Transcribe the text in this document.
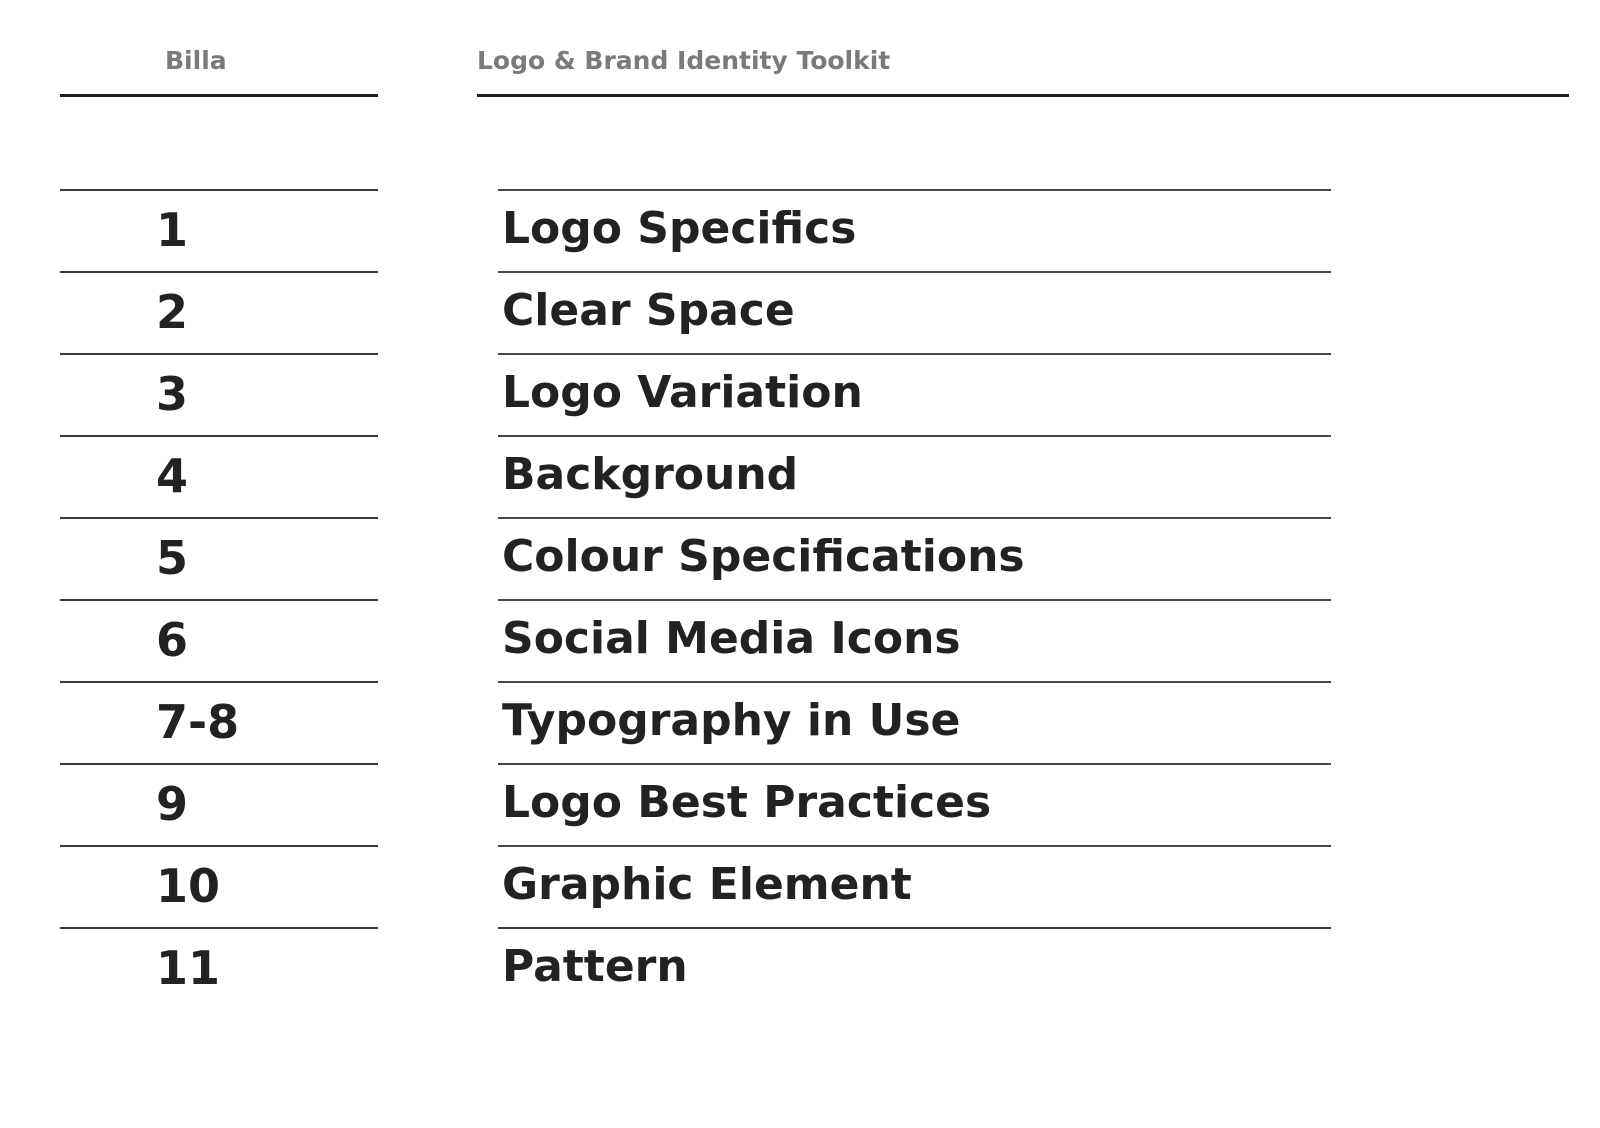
Billa	Logo & Brand Identity Toolkit
1	Logo Specifics
2	Clear Space
3	Logo Variation
4	Background
5	Colour Specifications
6	Social Media Icons
7-8	Typography in Use
9	Logo Best Practices
10	Graphic Element
11	Pattern
